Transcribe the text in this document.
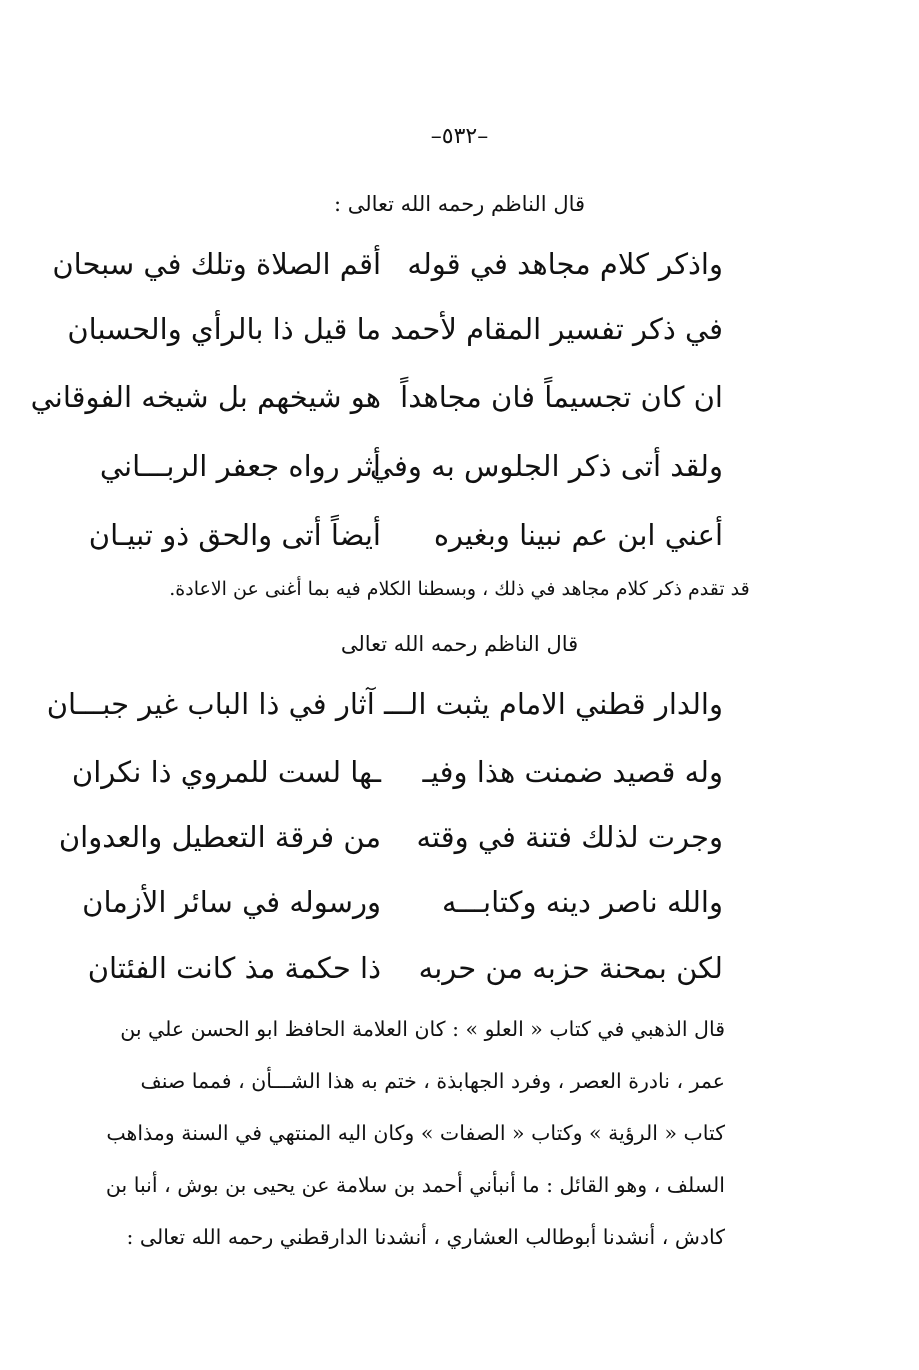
–٥٣٢–
قال الناظم رحمه الله تعالى :
واذكر كلام مجاهد في قوله
أقم الصلاة وتلك في سبحان
في ذكر تفسير المقام لأحمد
ما قيل ذا بالرأي والحسبان
ان كان تجسيماً فان مجاهداً
هو شيخهم بل شيخه الفوقاني
ولقد أتى ذكر الجلوس به وفي
أثر رواه جعفر الربـــاني
أعني ابن عم نبينا وبغيره
أيضاً أتى والحق ذو تبيـان
قد تقدم ذكر كلام مجاهد في ذلك ، وبسطنا الكلام فيه بما أغنى عن الاعادة.
قال الناظم رحمه الله تعالى
والدار قطني الامام يثبت الـــ آثار في ذا الباب غير جبـــان
وله قصيد ضمنت هذا وفيـ
ـها لست للمروي ذا نكران
وجرت لذلك فتنة في وقته
من فرقة التعطيل والعدوان
والله ناصر دينه وكتابـــه
ورسوله في سائر الأزمان
لكن بمحنة حزبه من حربه
ذا حكمة مذ كانت الفئتان
قال الذهبي في كتاب « العلو » : كان العلامة الحافظ ابو الحسن علي بن
عمر ، نادرة العصر ، وفرد الجهابذة ، ختم به هذا الشـــأن ، فمما صنف
كتاب « الرؤية » وكتاب « الصفات » وكان اليه المنتهي في السنة ومذاهب
السلف ، وهو القائل : ما أنبأني أحمد بن سلامة عن يحيى بن بوش ، أنبا بن
كادش ، أنشدنا أبوطالب العشاري ، أنشدنا الدارقطني رحمه الله تعالى :
